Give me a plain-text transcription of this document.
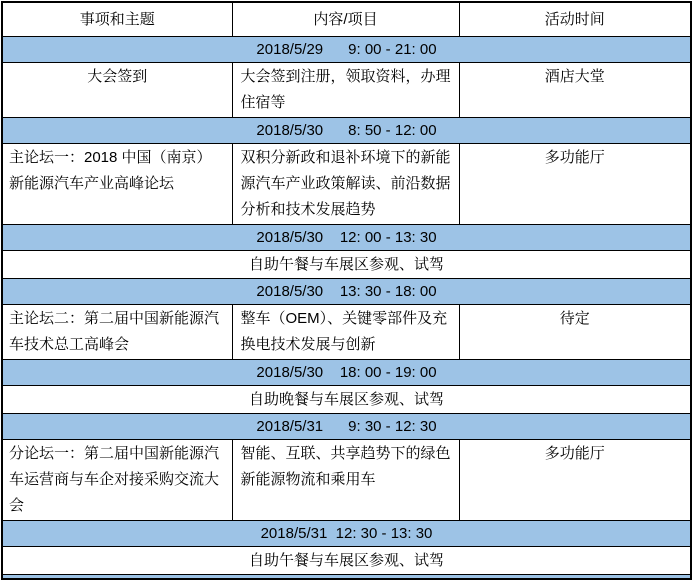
事项和主题	内容/项目	活动时间
2018/5/29      9: 00 - 21: 00		
大会签到	大会签到注册，领取资料，办理住宿等	酒店大堂
2018/5/30      8: 50 - 12: 00		
主论坛一：2018 中国（南京）新能源汽车产业高峰论坛	双积分新政和退补环境下的新能源汽车产业政策解读、前沿数据分析和技术发展趋势	多功能厅
2018/5/30    12: 00 - 13: 30		
自助午餐与车展区参观、试驾		
2018/5/30    13: 30 - 18: 00		
主论坛二：第二届中国新能源汽车技术总工高峰会	整车（OEM）、关键零部件及充换电技术发展与创新	待定
2018/5/30    18: 00 - 19: 00		
自助晚餐与车展区参观、试驾		
2018/5/31      9: 30 - 12: 30		
分论坛一：第二届中国新能源汽车运营商与车企对接采购交流大会	智能、互联、共享趋势下的绿色新能源物流和乘用车	多功能厅
2018/5/31  12: 30 - 13: 30		
自助午餐与车展区参观、试驾		
